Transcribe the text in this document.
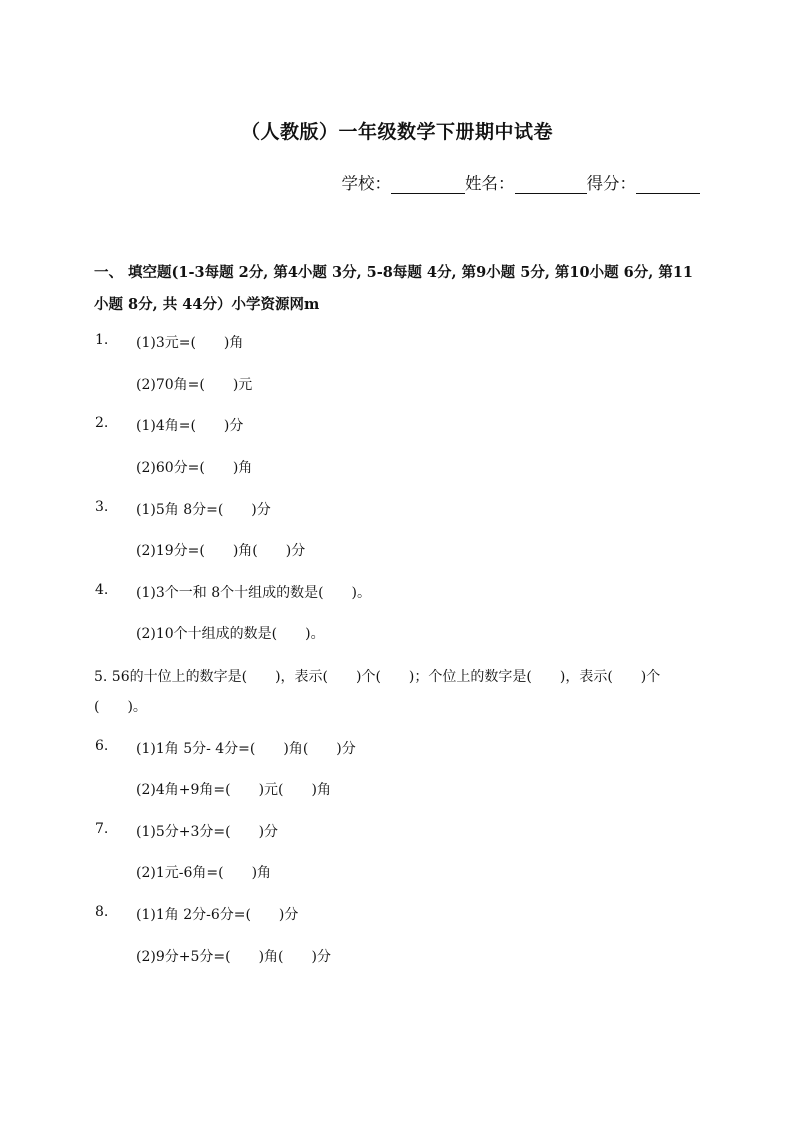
（人教版）一年级数学下册期中试卷
学校：	姓名：	得分：
一、 填空题(1-3每题 2分, 第4小题 3分, 5-8每题 4分, 第9小题 5分, 第10小题 6分, 第11小题 8分, 共 44分）小学资源网m
1. (1)3元=(　　)角
(2)70角=(　　)元
2. (1)4角=(　　)分
(2)60分=(　　)角
3. (1)5角 8分=(　　)分
(2)19分=(　　)角(　　)分
4. (1)3个一和 8个十组成的数是(　　)。
(2)10个十组成的数是(　　)。
5. 56的十位上的数字是(　　)，表示(　　)个(　　)；个位上的数字是(　　)，表示(　　)个(　　)。
6. (1)1角 5分- 4分=(　　)角(　　)分
(2)4角+9角=(　　)元(　　)角
7. (1)5分+3分=(　　)分
(2)1元-6角=(　　)角
8. (1)1角 2分-6分=(　　)分
(2)9分+5分=(　　)角(　　)分
